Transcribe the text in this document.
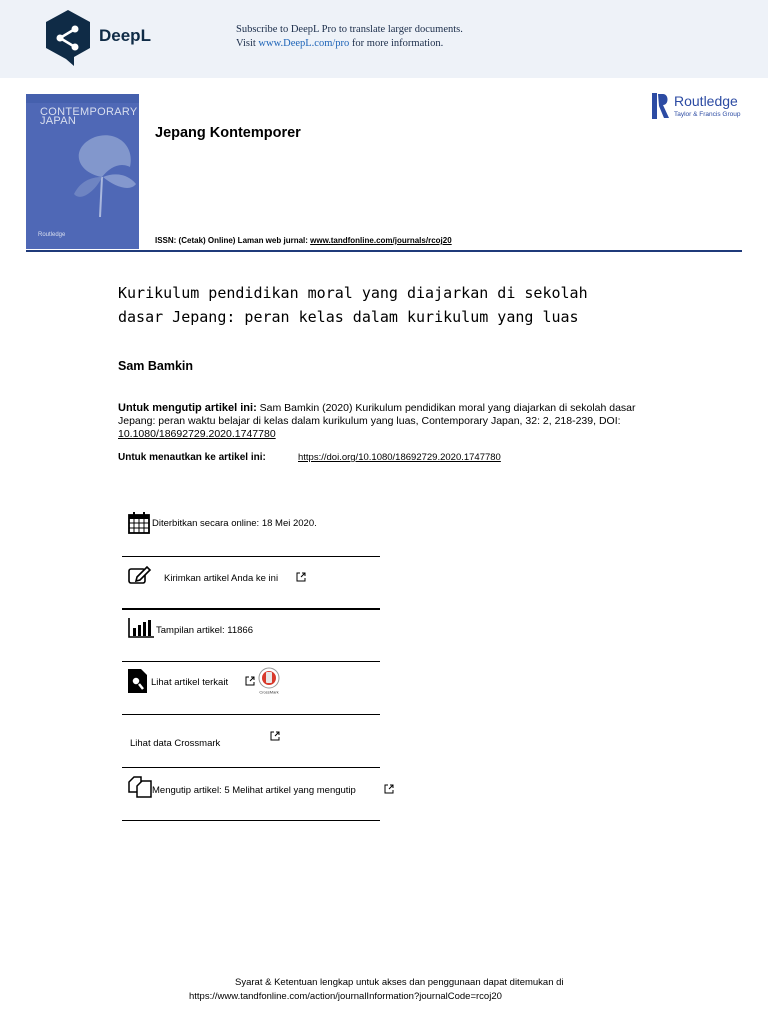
DeepL	Subscribe to DeepL Pro to translate larger documents.
Visit www.DeepL.com/pro for more information.
CONTEMPORARY JAPAN
Routledge
Jepang Kontemporer
Routledge
Taylor & Francis Group
ISSN: (Cetak) Online) Laman web jurnal: www.tandfonline.com/journals/rcoj20
Kurikulum pendidikan moral yang diajarkan di sekolah
dasar Jepang: peran kelas dalam kurikulum yang luas
Sam Bamkin
Untuk mengutip artikel ini: Sam Bamkin (2020) Kurikulum pendidikan moral yang diajarkan di sekolah dasar Jepang: peran waktu belajar di kelas dalam kurikulum yang luas, Contemporary Japan, 32: 2, 218-239, DOI: 10.1080/18692729.2020.1747780
Untuk menautkan ke artikel ini:	https://doi.org/10.1080/18692729.2020.1747780
Diterbitkan secara online: 18 Mei 2020.
Kirimkan artikel Anda ke ini
Tampilan artikel: 11866
Lihat artikel terkait
CrossMark
Lihat data Crossmark
Mengutip artikel: 5 Melihat artikel yang mengutip
Syarat & Ketentuan lengkap untuk akses dan penggunaan dapat ditemukan di
https://www.tandfonline.com/action/journalInformation?journalCode=rcoj20
